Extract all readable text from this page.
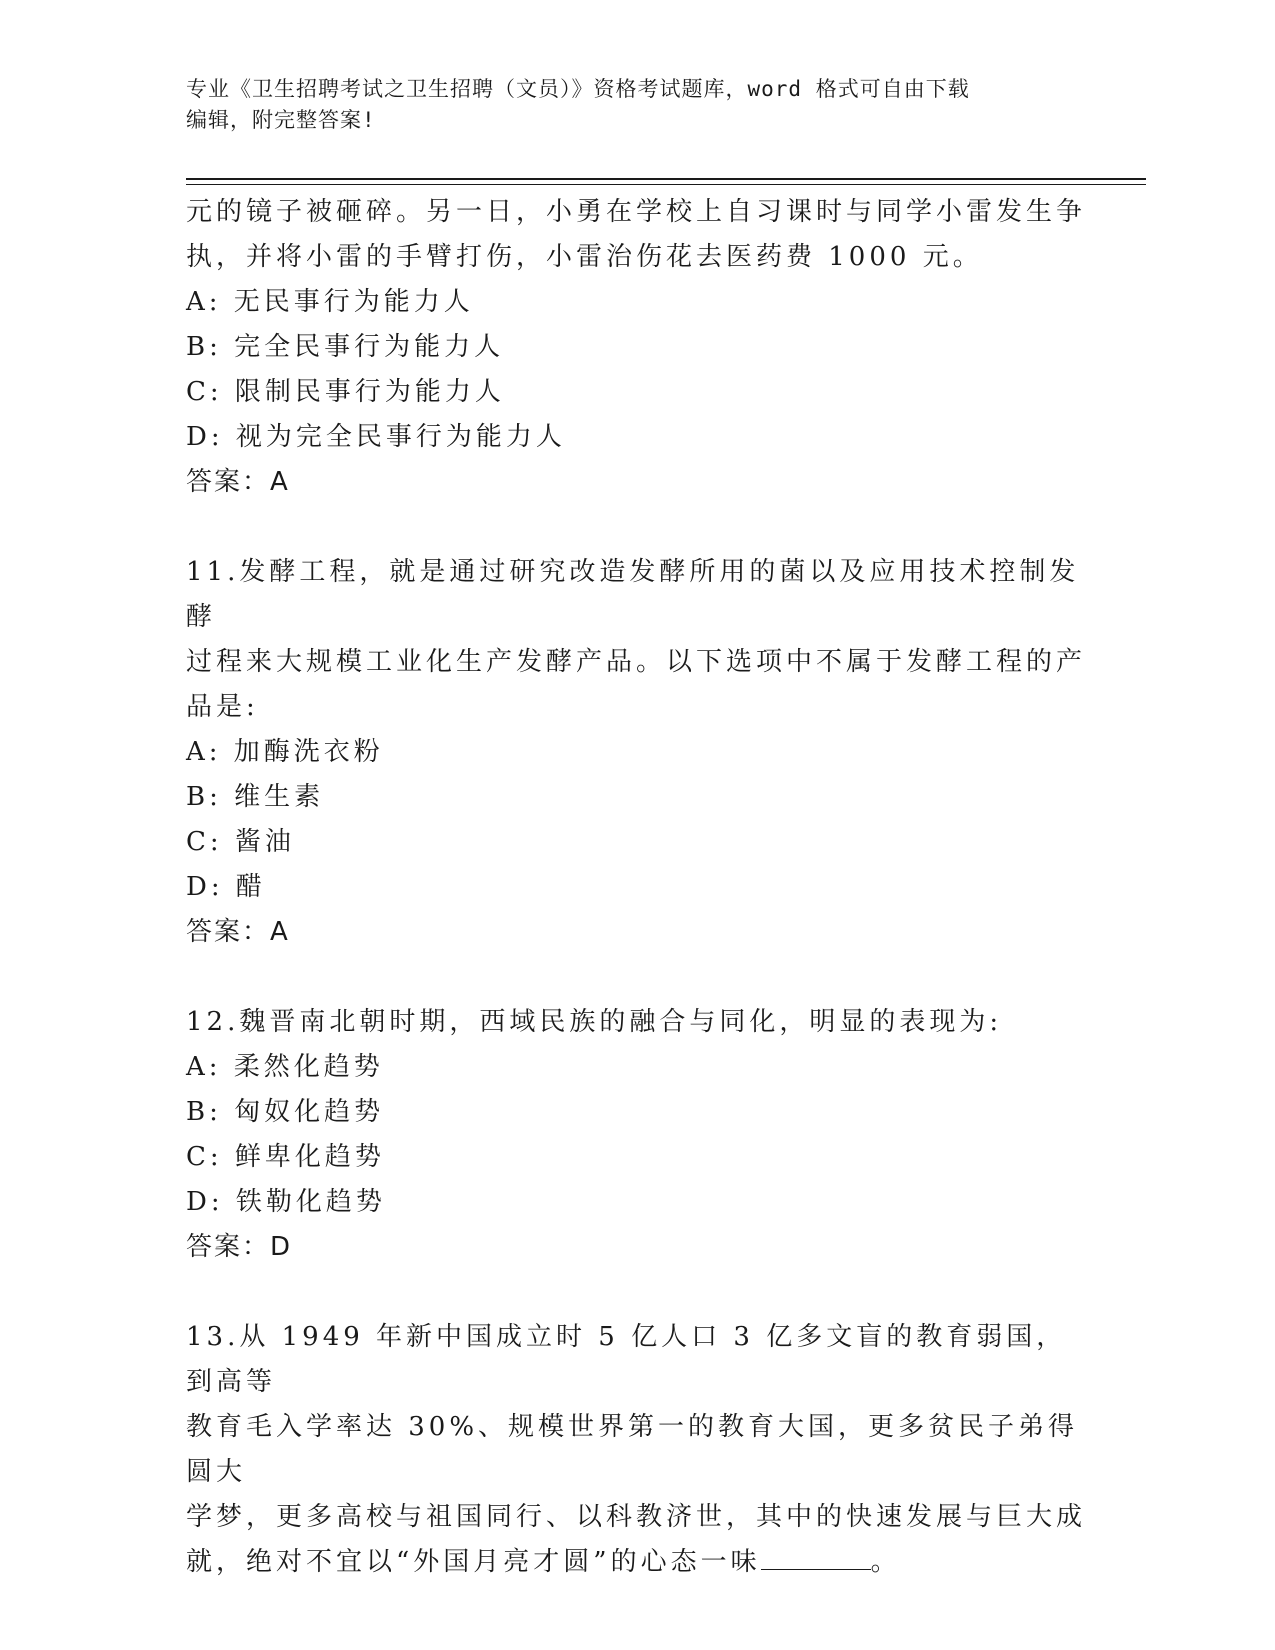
专业《卫生招聘考试之卫生招聘（文员）》资格考试题库，word 格式可自由下载
编辑，附完整答案!
元的镜子被砸碎。另一日，小勇在学校上自习课时与同学小雷发生争
执，并将小雷的手臂打伤，小雷治伤花去医药费 1000 元。
A: 无民事行为能力人
B: 完全民事行为能力人
C: 限制民事行为能力人
D: 视为完全民事行为能力人
答案：A
11.发酵工程，就是通过研究改造发酵所用的菌以及应用技术控制发酵
过程来大规模工业化生产发酵产品。以下选项中不属于发酵工程的产
品是:
A: 加酶洗衣粉
B: 维生素
C: 酱油
D: 醋
答案：A
12.魏晋南北朝时期，西域民族的融合与同化，明显的表现为:
A: 柔然化趋势
B: 匈奴化趋势
C: 鲜卑化趋势
D: 铁勒化趋势
答案：D
13.从 1949 年新中国成立时 5 亿人口 3 亿多文盲的教育弱国，到高等
教育毛入学率达 30%、规模世界第一的教育大国，更多贫民子弟得圆大
学梦，更多高校与祖国同行、以科教济世，其中的快速发展与巨大成
就，绝对不宜以“外国月亮才圆”的心态一味	。
